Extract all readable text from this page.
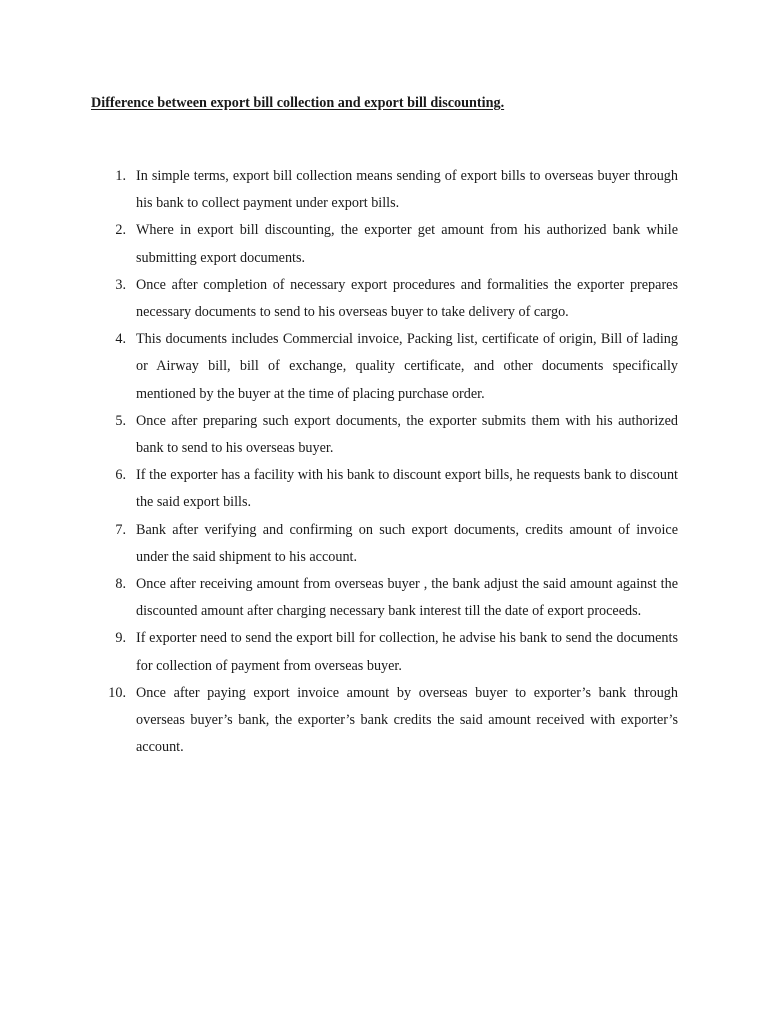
Difference between export bill collection and export bill discounting.
1. In simple terms, export bill collection means sending of export bills to overseas buyer through his bank to collect payment under export bills.
2. Where in export bill discounting, the exporter get amount from his authorized bank while submitting export documents.
3. Once after completion of necessary export procedures and formalities the exporter prepares necessary documents to send to his overseas buyer to take delivery of cargo.
4. This documents includes Commercial invoice, Packing list, certificate of origin, Bill of lading or Airway bill, bill of exchange, quality certificate, and other documents specifically mentioned by the buyer at the time of placing purchase order.
5. Once after preparing such export documents, the exporter submits them with his authorized bank to send to his overseas buyer.
6. If the exporter has a facility with his bank to discount export bills, he requests bank to discount the said export bills.
7. Bank after verifying and confirming on such export documents, credits amount of invoice under the said shipment to his account.
8. Once after receiving amount from overseas buyer , the bank adjust the said amount against the discounted amount after charging necessary bank interest till the date of export proceeds.
9. If exporter need to send the export bill for collection, he advise his bank to send the documents for collection of payment from overseas buyer.
10. Once after paying export invoice amount by overseas buyer to exporter’s bank through overseas buyer’s bank, the exporter’s bank credits the said amount received with exporter’s account.
